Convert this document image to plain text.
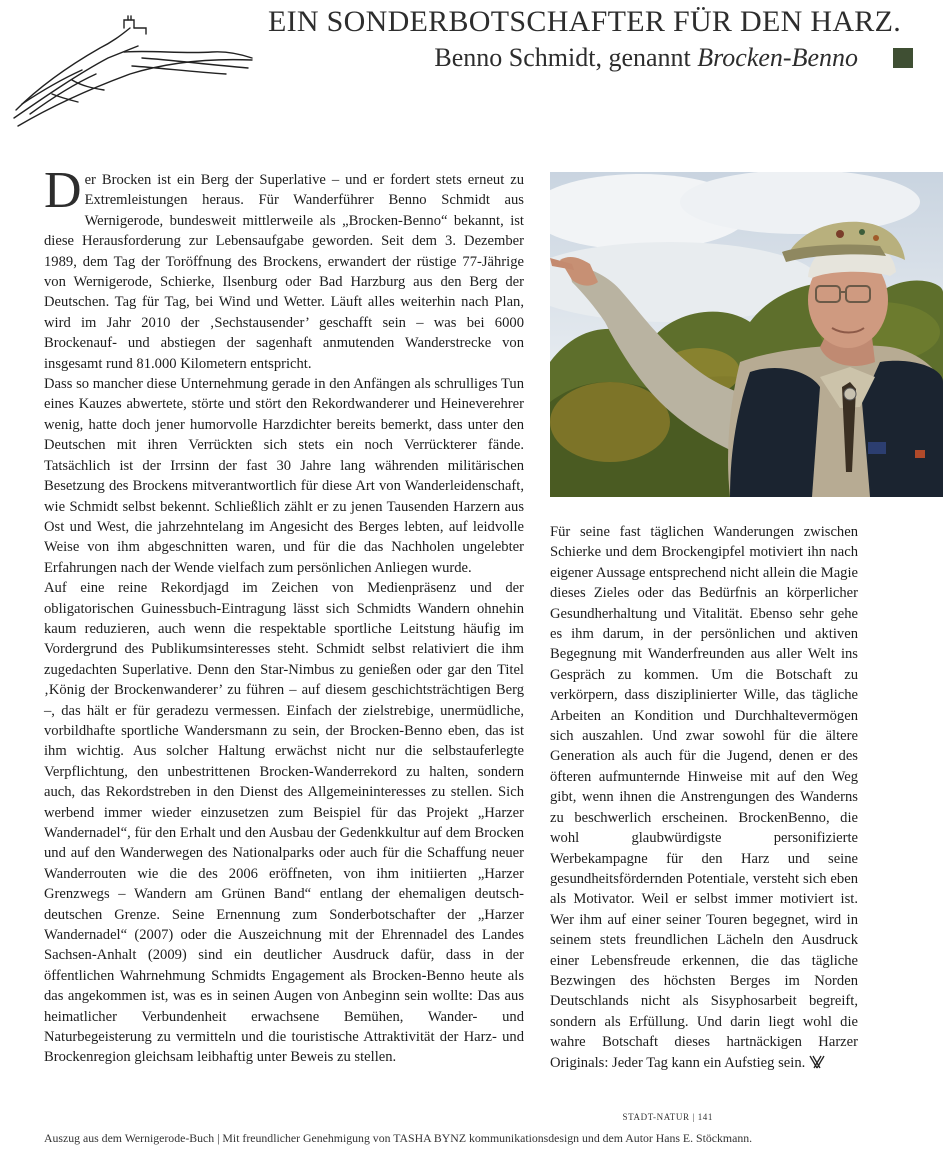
EIN SONDERBOTSCHAFTER FÜR DEN HARZ.
Benno Schmidt, genannt Brocken-Benno

Der Brocken ist ein Berg der Superlative – und er fordert stets erneut zu Extremleistungen heraus. Für Wanderführer Benno Schmidt aus Wernigerode, bundesweit mittlerweile als „Brocken-Benno“ bekannt, ist diese Herausforderung zur Lebensaufgabe geworden. Seit dem 3. Dezember 1989, dem Tag der Toröffnung des Brockens, erwandert der rüstige 77-Jährige von Wernigerode, Schierke, Ilsenburg oder Bad Harzburg aus den Berg der Deutschen. Tag für Tag, bei Wind und Wetter. Läuft alles weiterhin nach Plan, wird im Jahr 2010 der ‚Sechstausender’ geschafft sein – was bei 6000 Brockenauf- und abstiegen der sagenhaft anmutenden Wanderstrecke von insgesamt rund 81.000 Kilometern entspricht.

Dass so mancher diese Unternehmung gerade in den Anfängen als schrulliges Tun eines Kauzes abwertete, störte und stört den Rekordwanderer und Heineverehrer wenig, hatte doch jener humorvolle Harzdichter bereits bemerkt, dass unter den Deutschen mit ihren Verrückten sich stets ein noch Verrückterer fände. Tatsächlich ist der Irrsinn der fast 30 Jahre lang währenden militärischen Besetzung des Brockens mitverantwortlich für diese Art von Wanderleidenschaft, wie Schmidt selbst bekennt. Schließlich zählt er zu jenen Tausenden Harzern aus Ost und West, die jahrzehntelang im Angesicht des Berges lebten, auf leidvolle Weise von ihm abgeschnitten waren, und für die das Nachholen ungelebter Erfahrungen nach der Wende vielfach zum persönlichen Anliegen wurde.

Auf eine reine Rekordjagd im Zeichen von Medienpräsenz und der obligatorischen Guinessbuch-Eintragung lässt sich Schmidts Wandern ohnehin kaum reduzieren, auch wenn die respektable sportliche Leitstung häufig im Vordergrund des Publikumsinteresses steht. Schmidt selbst relativiert die ihm zugedachten Superlative. Denn den Star-Nimbus zu genießen oder gar den Titel ‚König der Brockenwanderer’ zu führen – auf diesem geschichtsträchtigen Berg –, das hält er für geradezu vermessen. Einfach der zielstrebige, unermüdliche, vorbildhafte sportliche Wandersmann zu sein, der Brocken-Benno eben, das ist ihm wichtig. Aus solcher Haltung erwächst nicht nur die selbstauferlegte Verpflichtung, den unbestrittenen Brocken-Wanderrekord zu halten, sondern auch, das Rekordstreben in den Dienst des Allgemeininteresses zu stellen. Sich werbend immer wieder einzusetzen zum Beispiel für das Projekt „Harzer Wandernadel“, für den Erhalt und den Ausbau der Gedenkkultur auf dem Brocken und auf den Wanderwegen des Nationalparks oder auch für die Schaffung neuer Wanderrouten wie die des 2006 eröffneten, von ihm initiierten „Harzer Grenzwegs – Wandern am Grünen Band“ entlang der ehemaligen deutsch-deutschen Grenze. Seine Ernennung zum Sonderbotschafter der „Harzer Wandernadel“ (2007) oder die Auszeichnung mit der Ehrennadel des Landes Sachsen-Anhalt (2009) sind ein deutlicher Ausdruck dafür, dass in der öffentlichen Wahrnehmung Schmidts Engagement als Brocken-Benno heute als das angekommen ist, was es in seinen Augen von Anbeginn sein wollte: Das aus heimatlicher Verbundenheit erwachsene Bemühen, Wander- und Naturbegeisterung zu vermitteln und die touristische Attraktivität der Harz- und Brockenregion gleichsam leibhaftig unter Beweis zu stellen.

Für seine fast täglichen Wanderungen zwischen Schierke und dem Brockengipfel motiviert ihn nach eigener Aussage entsprechend nicht allein die Magie dieses Zieles oder das Bedürfnis an körperlicher Gesundherhaltung und Vitalität. Ebenso sehr gehe es ihm darum, in der persönlichen und aktiven Begegnung mit Wanderfreunden aus aller Welt ins Gespräch zu kommen. Um die Botschaft zu verkörpern, dass disziplinierter Wille, das tägliche Arbeiten an Kondition und Durchhaltevermögen sich auszahlen. Und zwar sowohl für die ältere Generation als auch für die Jugend, denen er des öfteren aufmunternde Hinweise mit auf den Weg gibt, wenn ihnen die Anstrengungen des Wanderns zu beschwerlich erscheinen. BrockenBenno, die wohl glaubwürdigste personifizierte Werbekampagne für den Harz und seine gesundheitsfördernden Potentiale, versteht sich eben als Motivator. Weil er selbst immer motiviert ist. Wer ihm auf einer seiner Touren begegnet, wird in seinem stets freundlichen Lächeln den Ausdruck einer Lebensfreude erkennen, die das tägliche Bezwingen des höchsten Berges im Norden Deutschlands nicht als Sisyphosarbeit begreift, sondern als Erfüllung. Und darin liegt wohl die wahre Botschaft dieses hartnäckigen Harzer Originals: Jeder Tag kann ein Aufstieg sein.

STADT-NATUR | 141
Auszug aus dem Wernigerode-Buch | Mit freundlicher Genehmigung von TASHA BYNZ kommunikationsdesign und dem Autor Hans E. Stöckmann.
